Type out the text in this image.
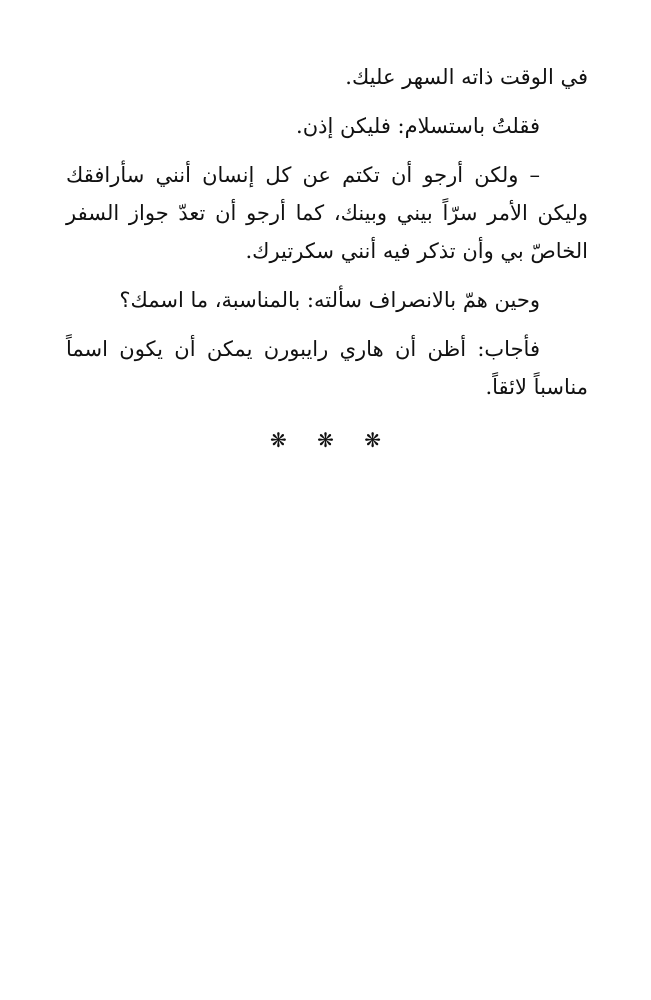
في الوقت ذاته السهر عليك.

فقلتُ باستسلام: فليكن إذن.

– ولكن أرجو أن تكتم عن كل إنسان أنني سأرافقك وليكن الأمر سرّاً بيني وبينك، كما أرجو أن تعدّ جواز السفر الخاصّ بي وأن تذكر فيه أنني سكرتيرك.

وحين همّ بالانصراف سألته: بالمناسبة، ما اسمك؟

فأجاب: أظن أن هاري رايبورن يمكن أن يكون اسماً مناسباً لائقاً.

❋ ❋ ❋
